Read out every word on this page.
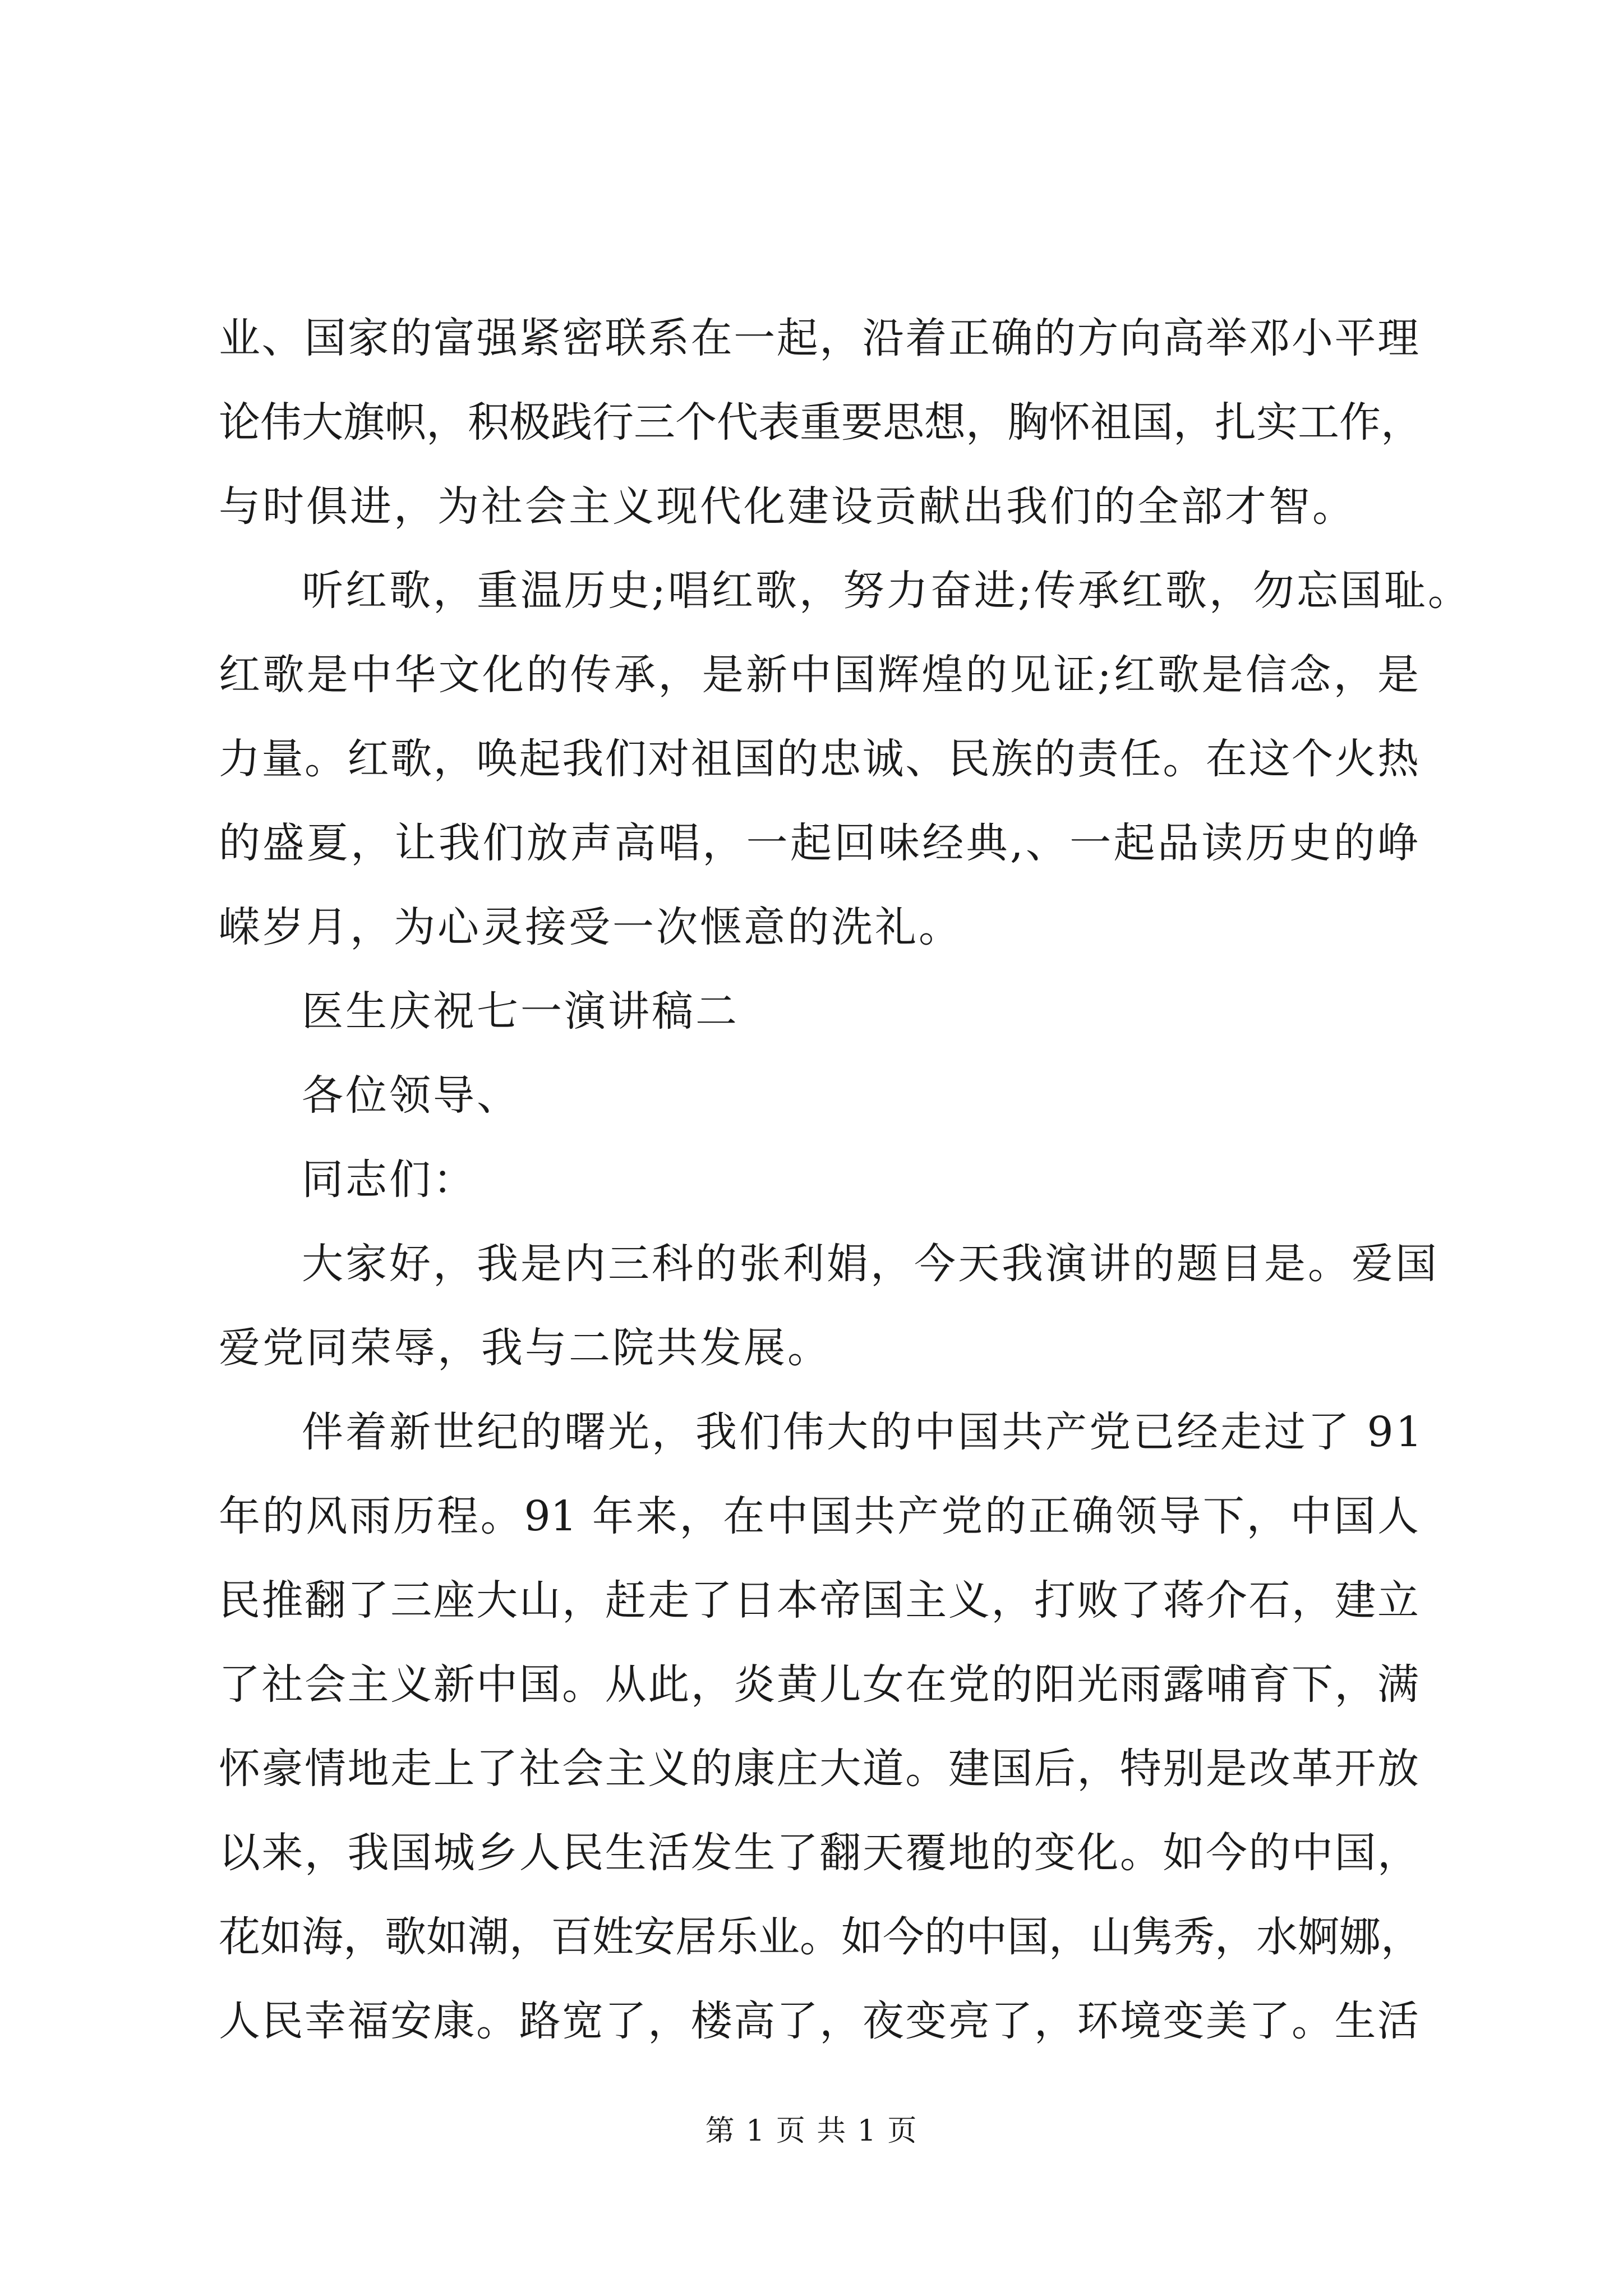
业、国家的富强紧密联系在一起，沿着正确的方向高举邓小平理
论伟大旗帜，积极践行三个代表重要思想，胸怀祖国，扎实工作，
与时俱进，为社会主义现代化建设贡献出我们的全部才智。
听红歌，重温历史;唱红歌，努力奋进;传承红歌，勿忘国耻。
红歌是中华文化的传承，是新中国辉煌的见证;红歌是信念，是
力量。红歌，唤起我们对祖国的忠诚、民族的责任。在这个火热
的盛夏，让我们放声高唱，一起回味经典,、一起品读历史的峥
嵘岁月，为心灵接受一次惬意的洗礼。
医生庆祝七一演讲稿二
各位领导、
同志们：
大家好，我是内三科的张利娟，今天我演讲的题目是。爱国
爱党同荣辱，我与二院共发展。
伴着新世纪的曙光，我们伟大的中国共产党已经走过了 91
年的风雨历程。91 年来，在中国共产党的正确领导下，中国人
民推翻了三座大山，赶走了日本帝国主义，打败了蒋介石，建立
了社会主义新中国。从此，炎黄儿女在党的阳光雨露哺育下，满
怀豪情地走上了社会主义的康庄大道。建国后，特别是改革开放
以来，我国城乡人民生活发生了翻天覆地的变化。如今的中国，
花如海，歌如潮，百姓安居乐业。如今的中国，山隽秀，水婀娜，
人民幸福安康。路宽了，楼高了，夜变亮了，环境变美了。生活
第 1 页 共 1 页
